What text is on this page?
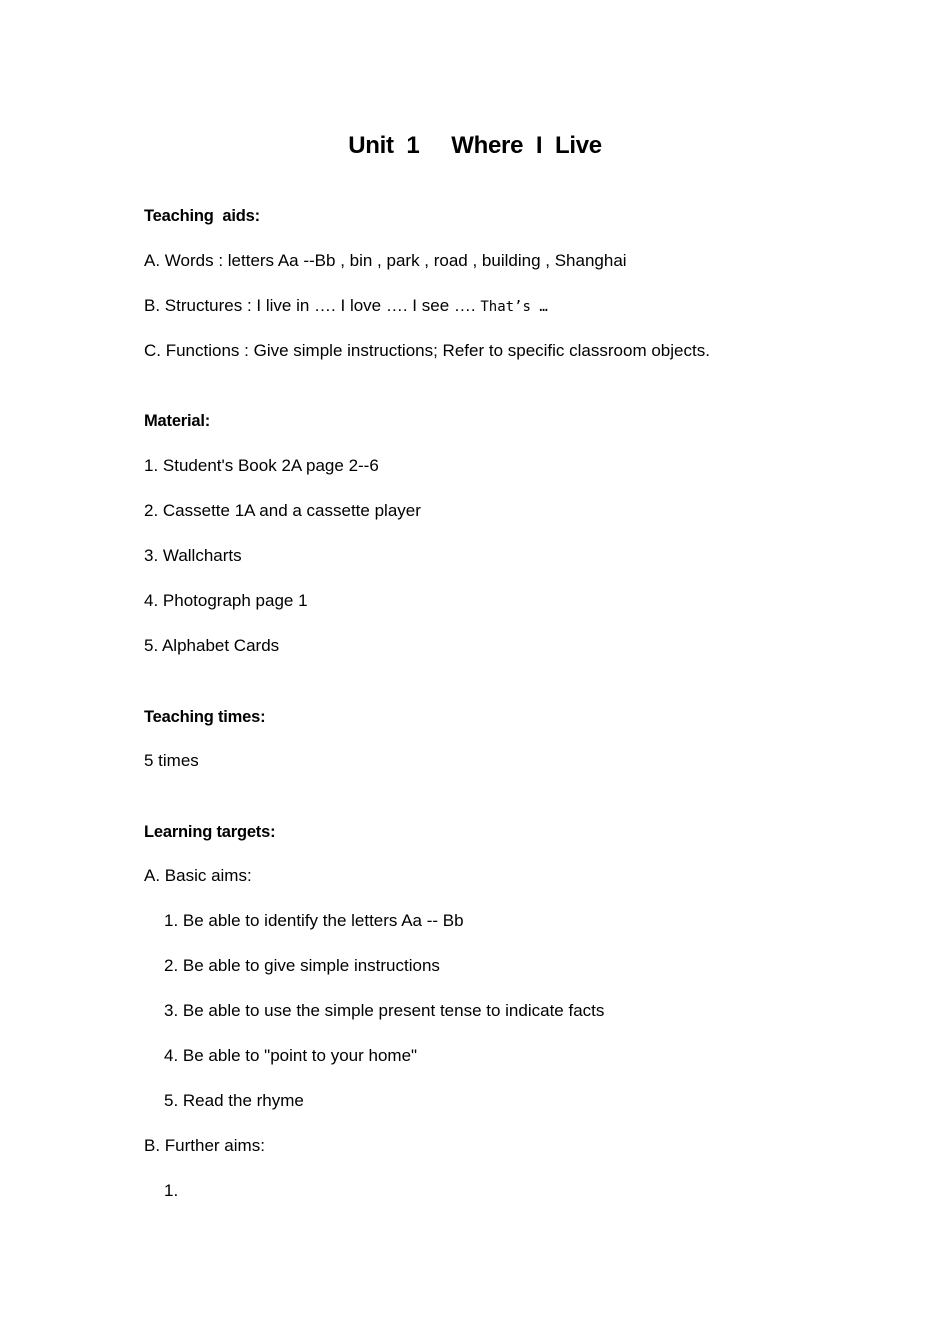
Unit  1     Where  I  Live
Teaching  aids:
A. Words : letters Aa --Bb , bin , park , road , building , Shanghai
B. Structures : I live in …. I love …. I see …. That’s …
C. Functions : Give simple instructions; Refer to specific classroom objects.
Material:
1. Student's Book 2A page 2--6
2. Cassette 1A and a cassette player
3. Wallcharts
4. Photograph page 1
5. Alphabet Cards
Teaching times:
5 times
Learning targets:
A. Basic aims:
1. Be able to identify the letters Aa -- Bb
2. Be able to give simple instructions
3. Be able to use the simple present tense to indicate facts
4. Be able to "point to your home"
5. Read the rhyme
B. Further aims:
1.
